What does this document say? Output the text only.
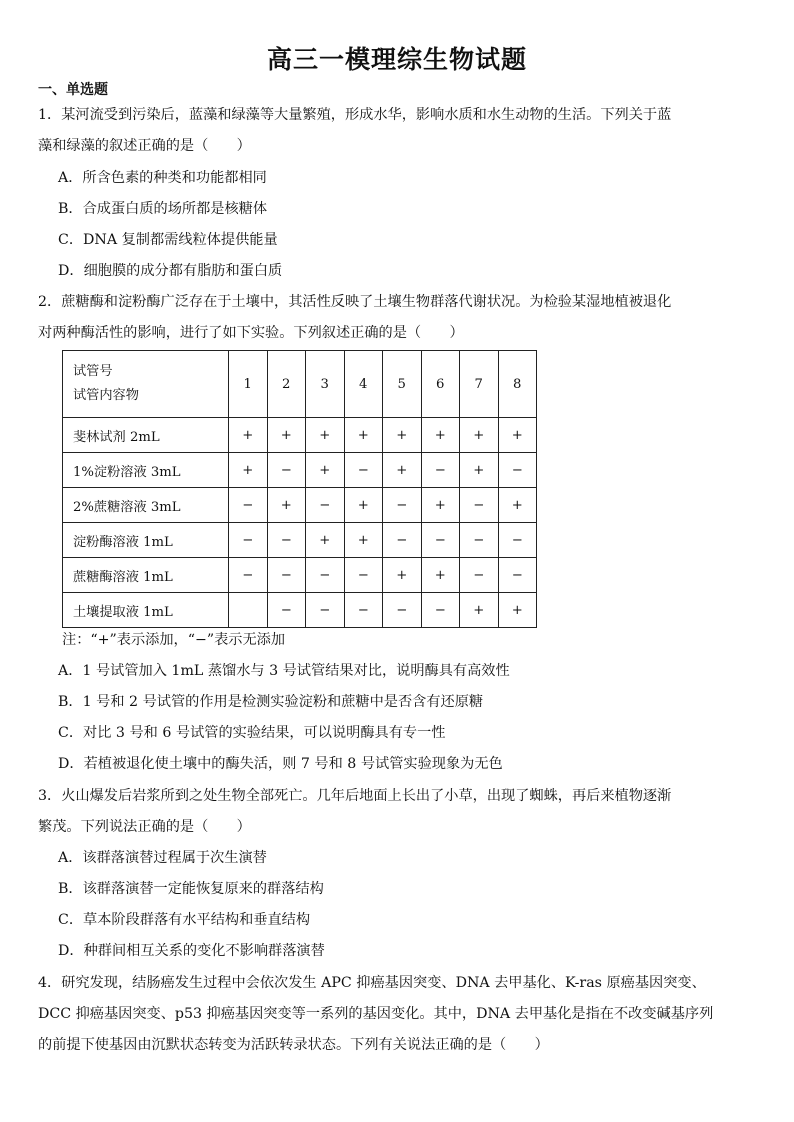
高三一模理综生物试题
一、单选题
1．某河流受到污染后，蓝藻和绿藻等大量繁殖，形成水华，影响水质和水生动物的生活。下列关于蓝
藻和绿藻的叙述正确的是（　　）
A．所含色素的种类和功能都相同
B．合成蛋白质的场所都是核糖体
C．DNA 复制都需线粒体提供能量
D．细胞膜的成分都有脂肪和蛋白质
2．蔗糖酶和淀粉酶广泛存在于土壤中，其活性反映了土壤生物群落代谢状况。为检验某湿地植被退化
对两种酶活性的影响，进行了如下实验。下列叙述正确的是（　　）
试管号
试管内容物	1	2	3	4	5	6	7	8
斐林试剂 2mL	+	+	+	+	+	+	+	+
1%淀粉溶液 3mL	+	−	+	−	+	−	+	−
2%蔗糖溶液 3mL	−	+	−	+	−	+	−	+
淀粉酶溶液 1mL	−	−	+	+	−	−	−	−
蔗糖酶溶液 1mL	−	−	−	−	+	+	−	−
土壤提取液 1mL		−	−	−	−	−	+	+
注：“+”表示添加，“−”表示无添加
A．1 号试管加入 1mL 蒸馏水与 3 号试管结果对比，说明酶具有高效性
B．1 号和 2 号试管的作用是检测实验淀粉和蔗糖中是否含有还原糖
C．对比 3 号和 6 号试管的实验结果，可以说明酶具有专一性
D．若植被退化使土壤中的酶失活，则 7 号和 8 号试管实验现象为无色
3．火山爆发后岩浆所到之处生物全部死亡。几年后地面上长出了小草，出现了蜘蛛，再后来植物逐渐
繁茂。下列说法正确的是（　　）
A．该群落演替过程属于次生演替
B．该群落演替一定能恢复原来的群落结构
C．草本阶段群落有水平结构和垂直结构
D．种群间相互关系的变化不影响群落演替
4．研究发现，结肠癌发生过程中会依次发生 APC 抑癌基因突变、DNA 去甲基化、K-ras 原癌基因突变、
DCC 抑癌基因突变、p53 抑癌基因突变等一系列的基因变化。其中，DNA 去甲基化是指在不改变碱基序列
的前提下使基因由沉默状态转变为活跃转录状态。下列有关说法正确的是（　　）
